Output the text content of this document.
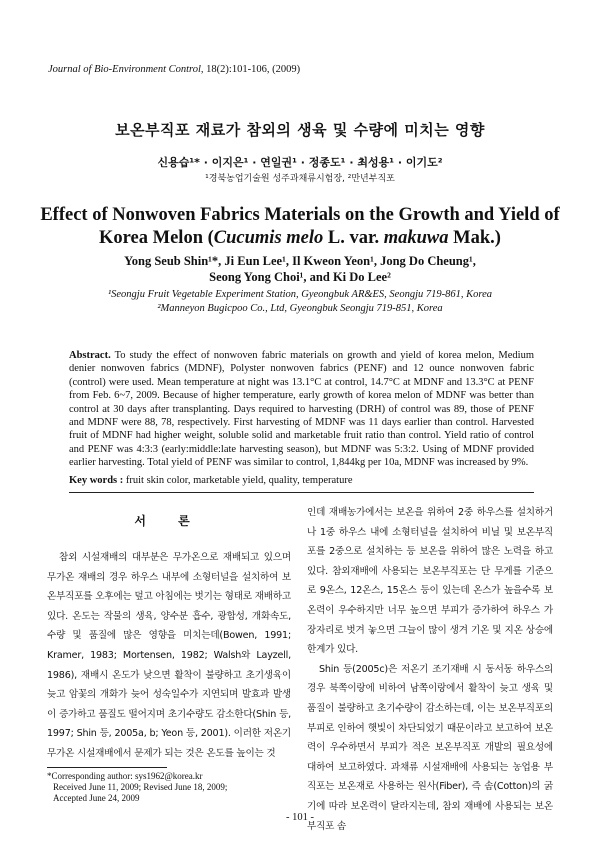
Journal of Bio-Environment Control, 18(2):101-106, (2009)
보온부직포 재료가 참외의 생육 및 수량에 미치는 영향
신용습¹* · 이지은¹ · 연일권¹ · 정종도¹ · 최성용¹ · 이기도²
¹경북농업기술원 성주과채류시험장, ²만년부직포
Effect of Nonwoven Fabrics Materials on the Growth and Yield of Korea Melon (Cucumis melo L. var. makuwa Mak.)
Yong Seub Shin¹*, Ji Eun Lee¹, Il Kweon Yeon¹, Jong Do Cheung¹,
Seong Yong Choi¹, and Ki Do Lee²
¹Seongju Fruit Vegetable Experiment Station, Gyeongbuk AR&ES, Seongju 719-861, Korea
²Manneyon Bugicpoo Co., Ltd, Gyeongbuk Seongju 719-851, Korea
Abstract. To study the effect of nonwoven fabric materials on growth and yield of korea melon, Medium denier nonwoven fabrics (MDNF), Polyster nonwoven fabrics (PENF) and 12 ounce nonwoven fabric (control) were used. Mean temperature at night was 13.1°C at control, 14.7°C at MDNF and 13.3°C at PENF from Feb. 6~7, 2009. Because of higher temperature, early growth of korea melon of MDNF was better than control at 30 days after transplanting. Days required to harvesting (DRH) of control was 89, those of PENF and MDNF were 88, 78, respectively. First harvesting of MDNF was 11 days earlier than control. Harvested fruit of MDNF had higher weight, soluble solid and marketable fruit ratio than control. Yield ratio of control and PENF was 4:3:3 (early:middle:late harvesting season), but MDNF was 5:3:2. Using of MDNF provided earlier harvesting. Total yield of PENF was similar to control, 1,844kg per 10a, MDNF was increased by 9%.
Key words : fruit skin color, marketable yield, quality, temperature
서 론

참외 시설재배의 대부분은 무가온으로 재배되고 있으며 무가온 재배의 경우 하우스 내부에 소형터널을 설치하여 보온부직포를 오후에는 덮고 아침에는 벗기는 형태로 재배하고 있다. 온도는 작물의 생육, 양수분 흡수, 광합성, 개화속도, 수량 및 품질에 많은 영향을 미치는데(Bowen, 1991; Kramer, 1983; Mortensen, 1982; Walsh와 Layzell, 1986), 재배시 온도가 낮으면 활착이 불량하고 초기생육이 늦고 암꽃의 개화가 늦어 성숙일수가 지연되며 발효과 발생이 증가하고 품질도 떨어지며 초기수량도 감소한다(Shin 등, 1997; Shin 등, 2005a, b; Yeon 등, 2001). 이러한 저온기 무가온 시설재배에서 문제가 되는 것은 온도를 높이는 것

인데 재배농가에서는 보온을 위하여 2중 하우스를 설치하거나 1중 하우스 내에 소형터널을 설치하여 비닐 및 보온부직포를 2중으로 설치하는 등 보온을 위하여 많은 노력을 하고 있다. 참외재배에 사용되는 보온부직포는 단 무게를 기준으로 9온스, 12온스, 15온스 등이 있는데 온스가 높을수록 보온력이 우수하지만 너무 높으면 부피가 증가하여 하우스 가장자리로 벗겨 놓으면 그늘이 많이 생겨 기온 및 지온 상승에 한계가 있다.

Shin 등(2005c)은 저온기 조기재배 시 동서동 하우스의 경우 북쪽이랑에 비하여 남쪽이랑에서 활착이 늦고 생육 및 품질이 불량하고 초기수량이 감소하는데, 이는 보온부직포의 부피로 인하여 햇빛이 차단되었기 때문이라고 보고하여 보온력이 우수하면서 부피가 적은 보온부직포 개발의 필요성에 대하여 보고하였다. 과채류 시설재배에 사용되는 농업용 부직포는 보온재로 사용하는 원사(Fiber), 즉 솜(Cotton)의 굵기에 따라 보온력이 달라지는데, 참외 재배에 사용되는 보온부직포 솜

*Corresponding author: sys1962@korea.kr
Received June 11, 2009; Revised June 18, 2009;
Accepted June 24, 2009
- 101 -
